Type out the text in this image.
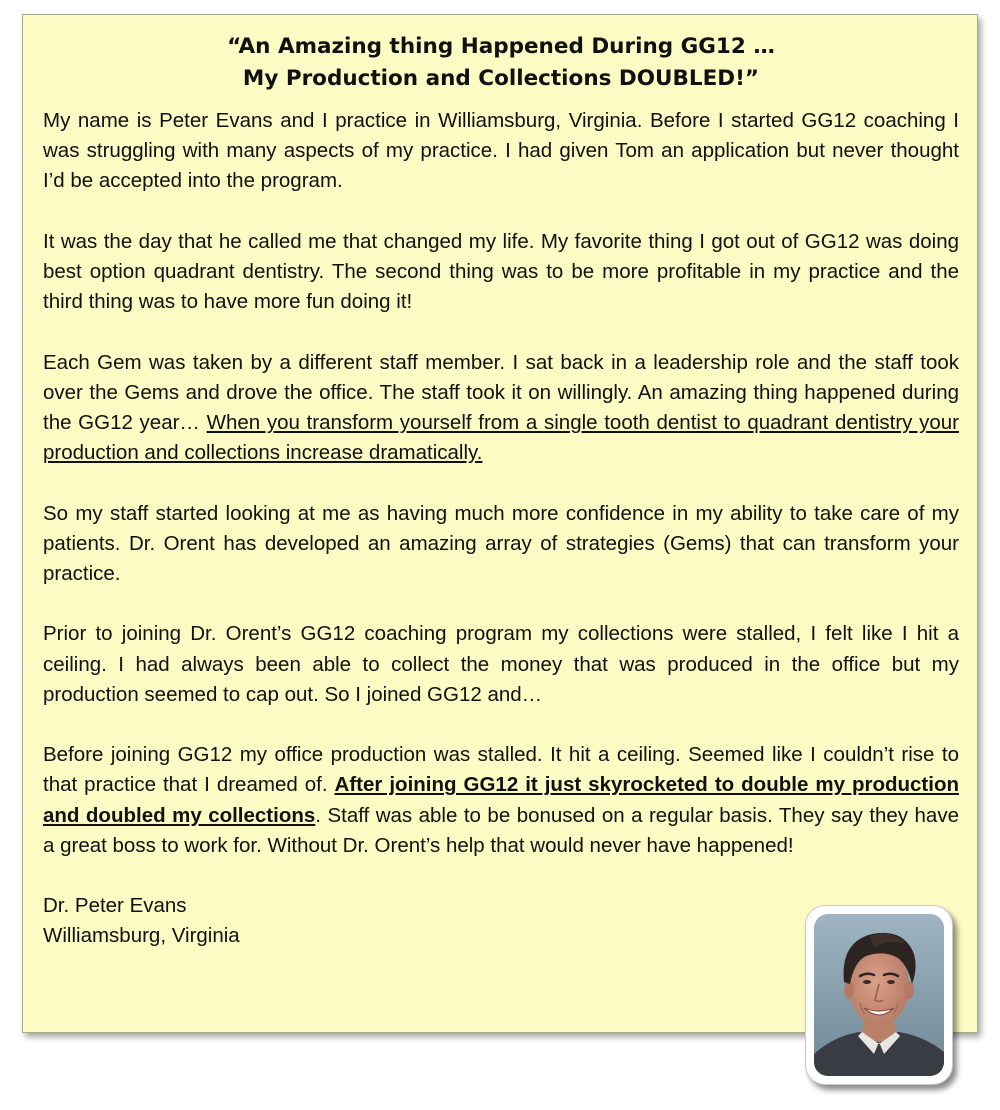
“An Amazing thing Happened During GG12 …
My Production and Collections DOUBLED!”

My name is Peter Evans and I practice in Williamsburg, Virginia. Before I started GG12 coaching I was struggling with many aspects of my practice. I had given Tom an application but never thought I’d be accepted into the program.

It was the day that he called me that changed my life. My favorite thing I got out of GG12 was doing best option quadrant dentistry. The second thing was to be more profitable in my practice and the third thing was to have more fun doing it!

Each Gem was taken by a different staff member. I sat back in a leadership role and the staff took over the Gems and drove the office. The staff took it on willingly. An amazing thing happened during the GG12 year… When you transform yourself from a single tooth dentist to quadrant dentistry your production and collections increase dramatically.

So my staff started looking at me as having much more confidence in my ability to take care of my patients. Dr. Orent has developed an amazing array of strategies (Gems) that can transform your practice.

Prior to joining Dr. Orent’s GG12 coaching program my collections were stalled, I felt like I hit a ceiling. I had always been able to collect the money that was produced in the office but my production seemed to cap out. So I joined GG12 and…

Before joining GG12 my office production was stalled. It hit a ceiling. Seemed like I couldn’t rise to that practice that I dreamed of. After joining GG12 it just skyrocketed to double my production and doubled my collections. Staff was able to be bonused on a regular basis. They say they have a great boss to work for. Without Dr. Orent’s help that would never have happened!

Dr. Peter Evans
Williamsburg, Virginia
